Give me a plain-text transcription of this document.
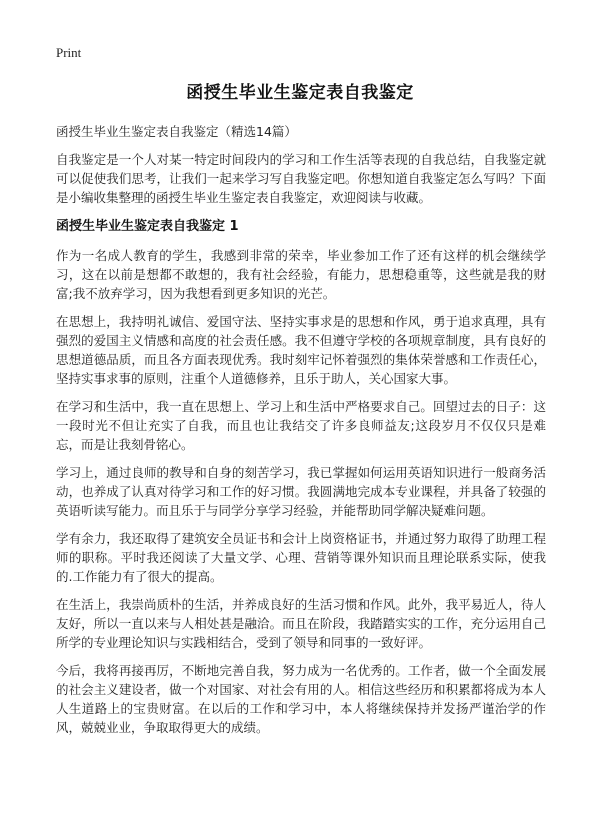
Print
函授生毕业生鉴定表自我鉴定
函授生毕业生鉴定表自我鉴定（精选14篇）

自我鉴定是一个人对某一特定时间段内的学习和工作生活等表现的自我总结，自我鉴定就可以促使我们思考，让我们一起来学习写自我鉴定吧。你想知道自我鉴定怎么写吗？下面是小编收集整理的函授生毕业生鉴定表自我鉴定，欢迎阅读与收藏。

函授生毕业生鉴定表自我鉴定 1

作为一名成人教育的学生，我感到非常的荣幸，毕业参加工作了还有这样的机会继续学习，这在以前是想都不敢想的，我有社会经验，有能力，思想稳重等，这些就是我的财富;我不放弃学习，因为我想看到更多知识的光芒。

在思想上，我持明礼诚信、爱国守法、坚持实事求是的思想和作风，勇于追求真理，具有强烈的爱国主义情感和高度的社会责任感。我不但遵守学校的各项规章制度，具有良好的思想道德品质，而且各方面表现优秀。我时刻牢记怀着强烈的集体荣誉感和工作责任心，坚持实事求事的原则，注重个人道德修养，且乐于助人，关心国家大事。

在学习和生活中，我一直在思想上、学习上和生活中严格要求自己。回望过去的日子：这一段时光不但让充实了自我，而且也让我结交了许多良师益友;这段岁月不仅仅只是难忘，而是让我刻骨铭心。

学习上，通过良师的教导和自身的刻苦学习，我已掌握如何运用英语知识进行一般商务活动，也养成了认真对待学习和工作的好习惯。我圆满地完成本专业课程，并具备了较强的英语听读写能力。而且乐于与同学分享学习经验，并能帮助同学解决疑难问题。

学有余力，我还取得了建筑安全员证书和会计上岗资格证书，并通过努力取得了助理工程师的职称。平时我还阅读了大量文学、心理、营销等课外知识而且理论联系实际，使我的.工作能力有了很大的提高。

在生活上，我崇尚质朴的生活，并养成良好的生活习惯和作风。此外，我平易近人，待人友好，所以一直以来与人相处甚是融洽。而且在阶段，我踏踏实实的工作，充分运用自己所学的专业理论知识与实践相结合，受到了领导和同事的一致好评。

今后，我将再接再厉，不断地完善自我，努力成为一名优秀的。工作者，做一个全面发展的社会主义建设者，做一个对国家、对社会有用的人。相信这些经历和积累都将成为本人人生道路上的宝贵财富。在以后的工作和学习中，本人将继续保持并发扬严谨治学的作风，兢兢业业，争取取得更大的成绩。
